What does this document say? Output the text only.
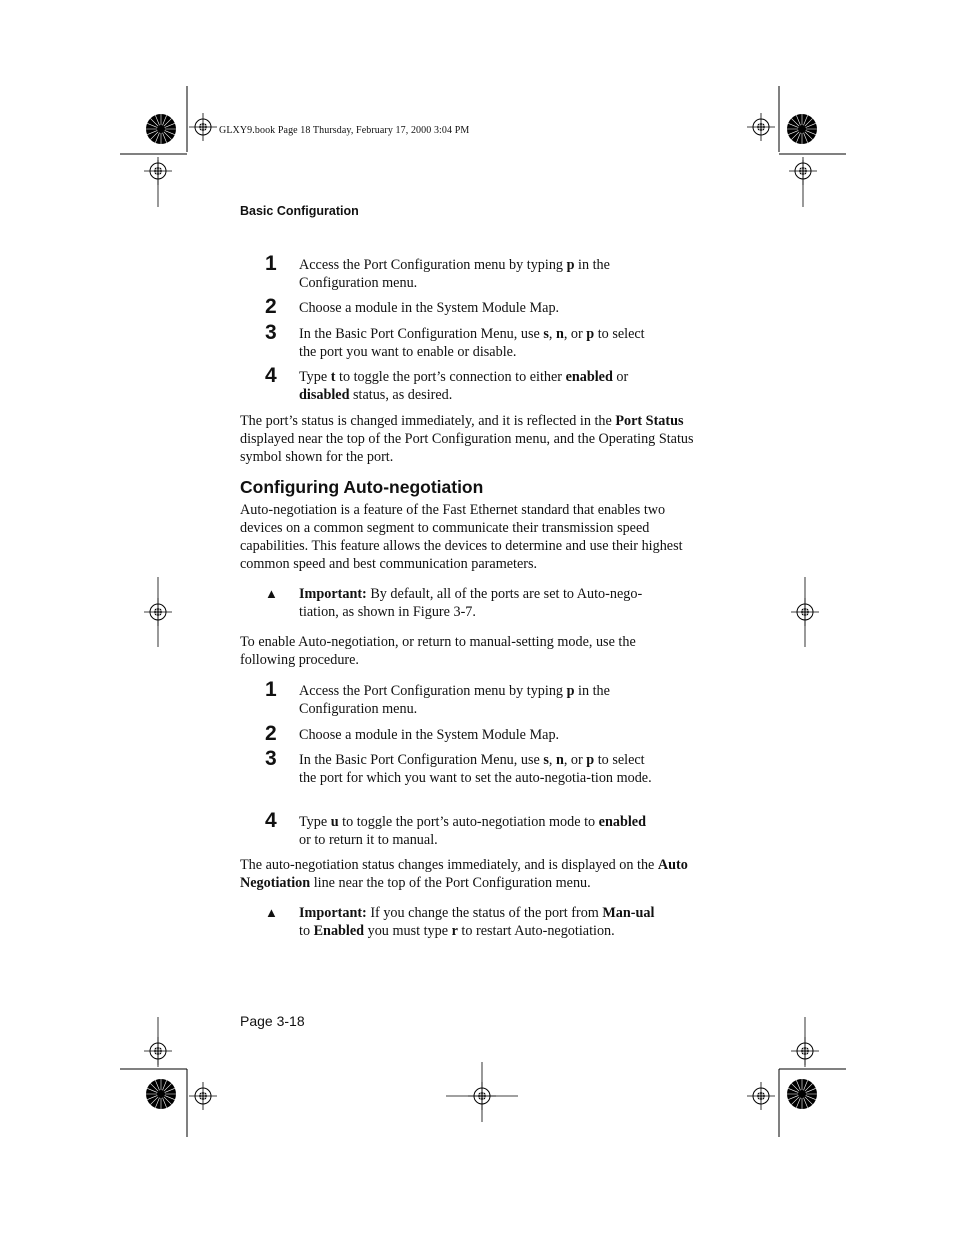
GLXY9.book Page 18 Thursday, February 17, 2000 3:04 PM
Basic Configuration
1 Access the Port Configuration menu by typing p in the Configuration menu.
2 Choose a module in the System Module Map.
3 In the Basic Port Configuration Menu, use s, n, or p to select the port you want to enable or disable.
4 Type t to toggle the port’s connection to either enabled or disabled status, as desired.
The port’s status is changed immediately, and it is reflected in the Port Status displayed near the top of the Port Configuration menu, and the Operating Status symbol shown for the port.
Configuring Auto-negotiation
Auto-negotiation is a feature of the Fast Ethernet standard that enables two devices on a common segment to communicate their transmission speed capabilities. This feature allows the devices to determine and use their highest common speed and best communication parameters.
▲ Important: By default, all of the ports are set to Auto-nego-tiation, as shown in Figure 3-7.
To enable Auto-negotiation, or return to manual-setting mode, use the following procedure.
1 Access the Port Configuration menu by typing p in the Configuration menu.
2 Choose a module in the System Module Map.
3 In the Basic Port Configuration Menu, use s, n, or p to select the port for which you want to set the auto-negotia-tion mode.
4 Type u to toggle the port’s auto-negotiation mode to enabled or to return it to manual.
The auto-negotiation status changes immediately, and is displayed on the Auto Negotiation line near the top of the Port Configuration menu.
▲ Important: If you change the status of the port from Man-ual to Enabled you must type r to restart Auto-negotiation.
Page 3-18
